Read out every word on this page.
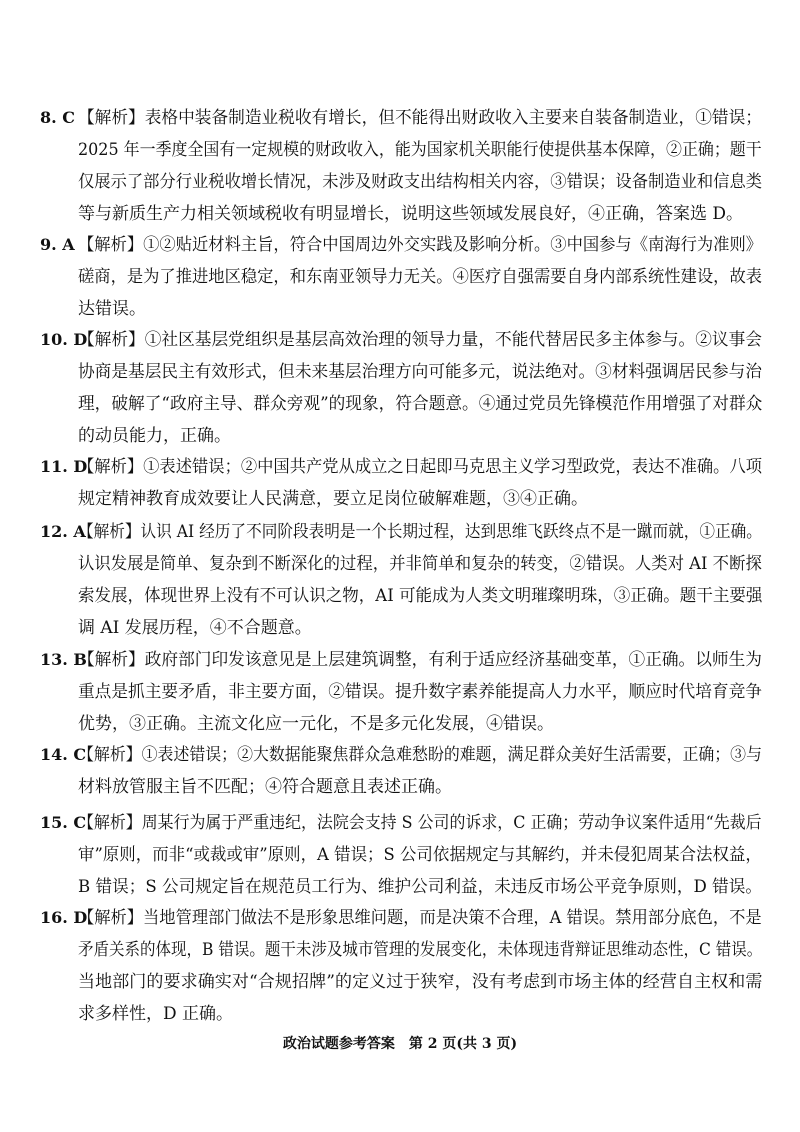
8. C 【解析】表格中装备制造业税收有增长，但不能得出财政收入主要来自装备制造业，①错误；
2025 年一季度全国有一定规模的财政收入，能为国家机关职能行使提供基本保障，②正确；题干
仅展示了部分行业税收增长情况，未涉及财政支出结构相关内容，③错误；设备制造业和信息类
等与新质生产力相关领域税收有明显增长，说明这些领域发展良好，④正确，答案选 D。
9. A 【解析】①②贴近材料主旨，符合中国周边外交实践及影响分析。③中国参与《南海行为准则》
磋商，是为了推进地区稳定，和东南亚领导力无关。④医疗自强需要自身内部系统性建设，故表
达错误。
10. D
【解析】①社区基层党组织是基层高效治理的领导力量，不能代替居民多主体参与。②议事会
协商是基层民主有效形式，但未来基层治理方向可能多元，说法绝对。③材料强调居民参与治
理，破解了“政府主导、群众旁观”的现象，符合题意。④通过党员先锋模范作用增强了对群众
的动员能力，正确。
11. D
【解析】①表述错误；②中国共产党从成立之日起即马克思主义学习型政党，表达不准确。八项
规定精神教育成效要让人民满意，要立足岗位破解难题，③④正确。
12. A
【解析】认识 AI 经历了不同阶段表明是一个长期过程，达到思维飞跃终点不是一蹴而就，①正确。
认识发展是简单、复杂到不断深化的过程，并非简单和复杂的转变，②错误。人类对 AI 不断探
索发展，体现世界上没有不可认识之物，AI 可能成为人类文明璀璨明珠，③正确。题干主要强
调 AI 发展历程，④不合题意。
13. B
【解析】政府部门印发该意见是上层建筑调整，有利于适应经济基础变革，①正确。以师生为
重点是抓主要矛盾，非主要方面，②错误。提升数字素养能提高人力水平，顺应时代培育竞争
优势，③正确。主流文化应一元化，不是多元化发展，④错误。
14. C
【解析】①表述错误；②大数据能聚焦群众急难愁盼的难题，满足群众美好生活需要，正确；③与
材料放管服主旨不匹配；④符合题意且表述正确。
15. C
【解析】周某行为属于严重违纪，法院会支持 S 公司的诉求，C 正确；劳动争议案件适用“先裁后
审”原则，而非“或裁或审”原则，A 错误；S 公司依据规定与其解约，并未侵犯周某合法权益，
B 错误；S 公司规定旨在规范员工行为、维护公司利益，未违反市场公平竞争原则，D 错误。
16. D
【解析】当地管理部门做法不是形象思维问题，而是决策不合理，A 错误。禁用部分底色，不是
矛盾关系的体现，B 错误。题干未涉及城市管理的发展变化，未体现违背辩证思维动态性，C 错误。
当地部门的要求确实对“合规招牌”的定义过于狭窄，没有考虑到市场主体的经营自主权和需
求多样性，D 正确。
政治试题参考答案　第 2 页(共 3 页)
